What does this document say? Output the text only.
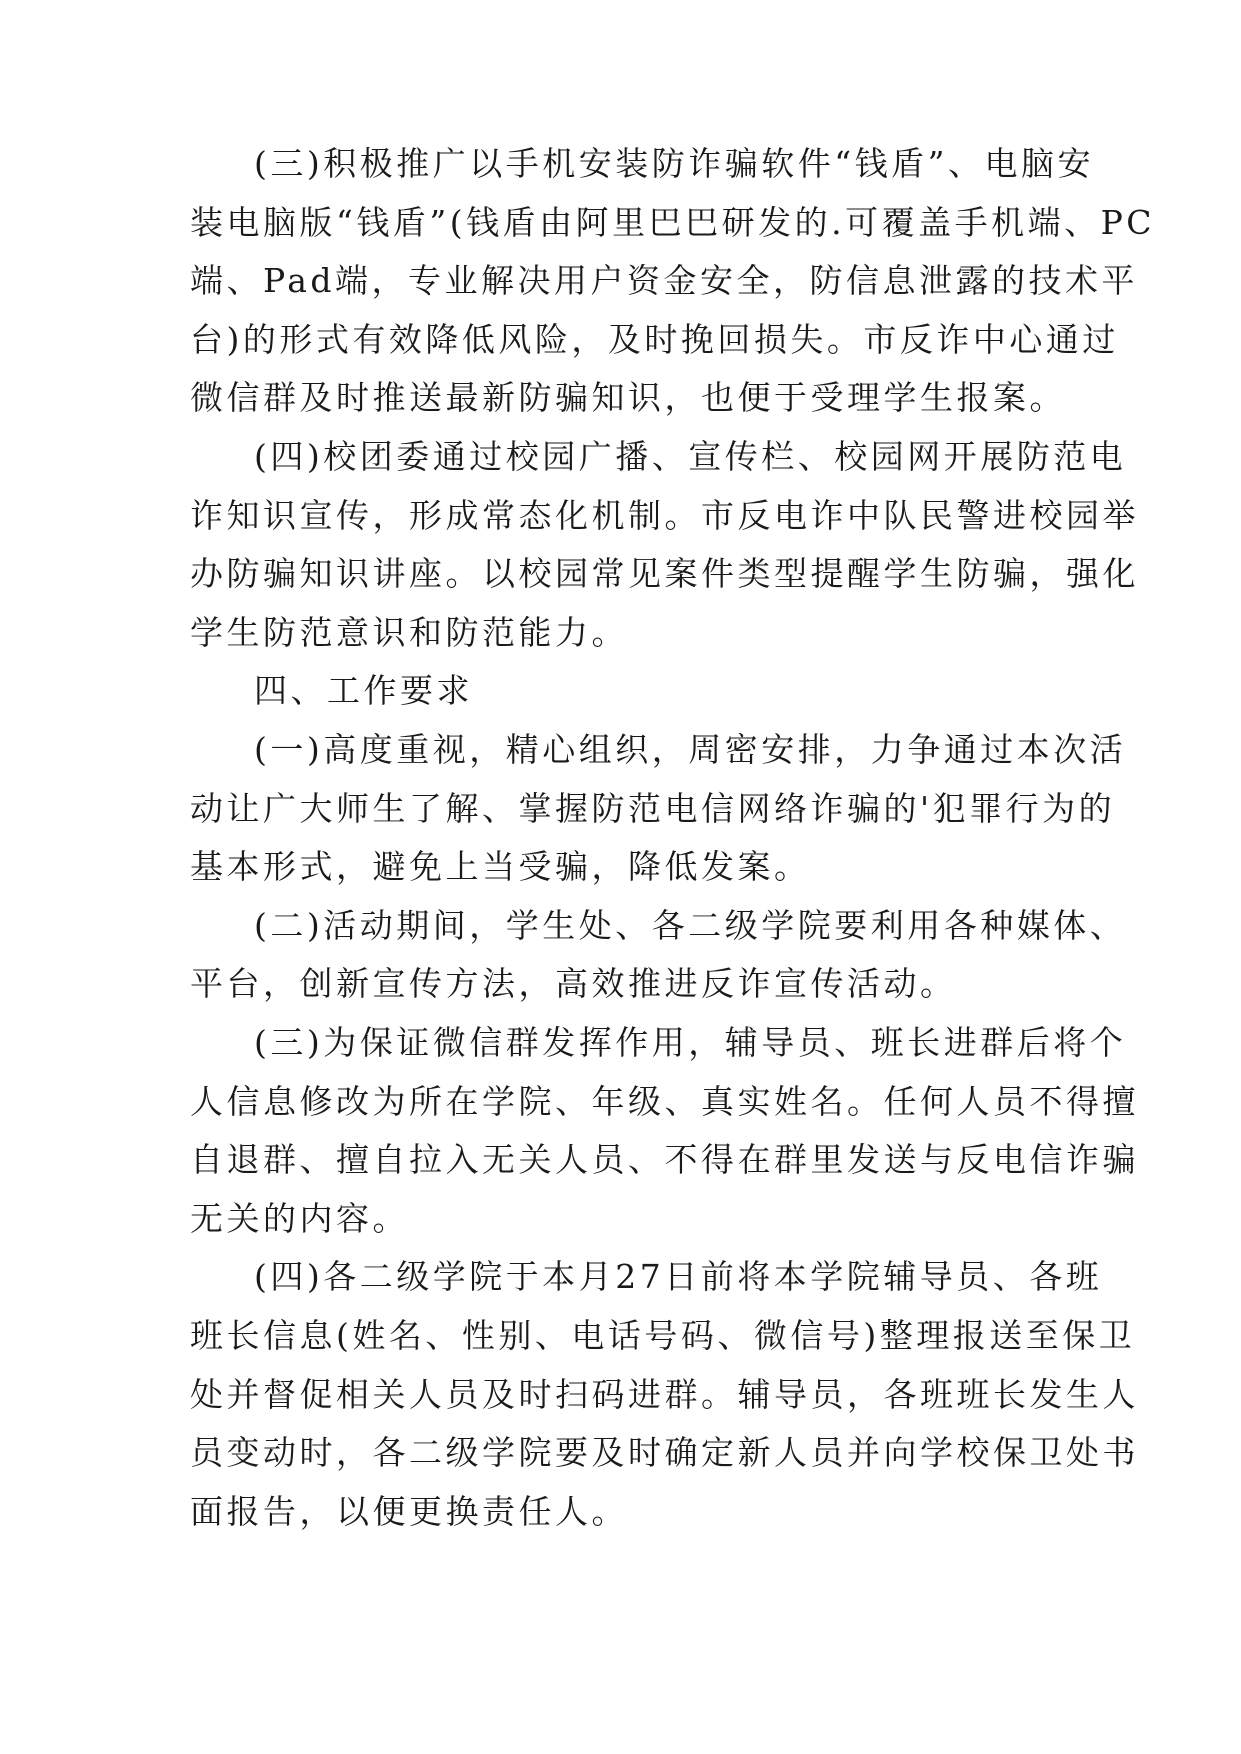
(三)积极推广以手机安装防诈骗软件“钱盾”、电脑安
装电脑版“钱盾”(钱盾由阿里巴巴研发的.可覆盖手机端、PC
端、Pad端，专业解决用户资金安全，防信息泄露的技术平
台)的形式有效降低风险，及时挽回损失。市反诈中心通过
微信群及时推送最新防骗知识，也便于受理学生报案。
(四)校团委通过校园广播、宣传栏、校园网开展防范电
诈知识宣传，形成常态化机制。市反电诈中队民警进校园举
办防骗知识讲座。以校园常见案件类型提醒学生防骗，强化
学生防范意识和防范能力。
四、工作要求
(一)高度重视，精心组织，周密安排，力争通过本次活
动让广大师生了解、掌握防范电信网络诈骗的'犯罪行为的
基本形式，避免上当受骗，降低发案。
(二)活动期间，学生处、各二级学院要利用各种媒体、
平台，创新宣传方法，高效推进反诈宣传活动。
(三)为保证微信群发挥作用，辅导员、班长进群后将个
人信息修改为所在学院、年级、真实姓名。任何人员不得擅
自退群、擅自拉入无关人员、不得在群里发送与反电信诈骗
无关的内容。
(四)各二级学院于本月27日前将本学院辅导员、各班
班长信息(姓名、性别、电话号码、微信号)整理报送至保卫
处并督促相关人员及时扫码进群。辅导员，各班班长发生人
员变动时，各二级学院要及时确定新人员并向学校保卫处书
面报告，以便更换责任人。
